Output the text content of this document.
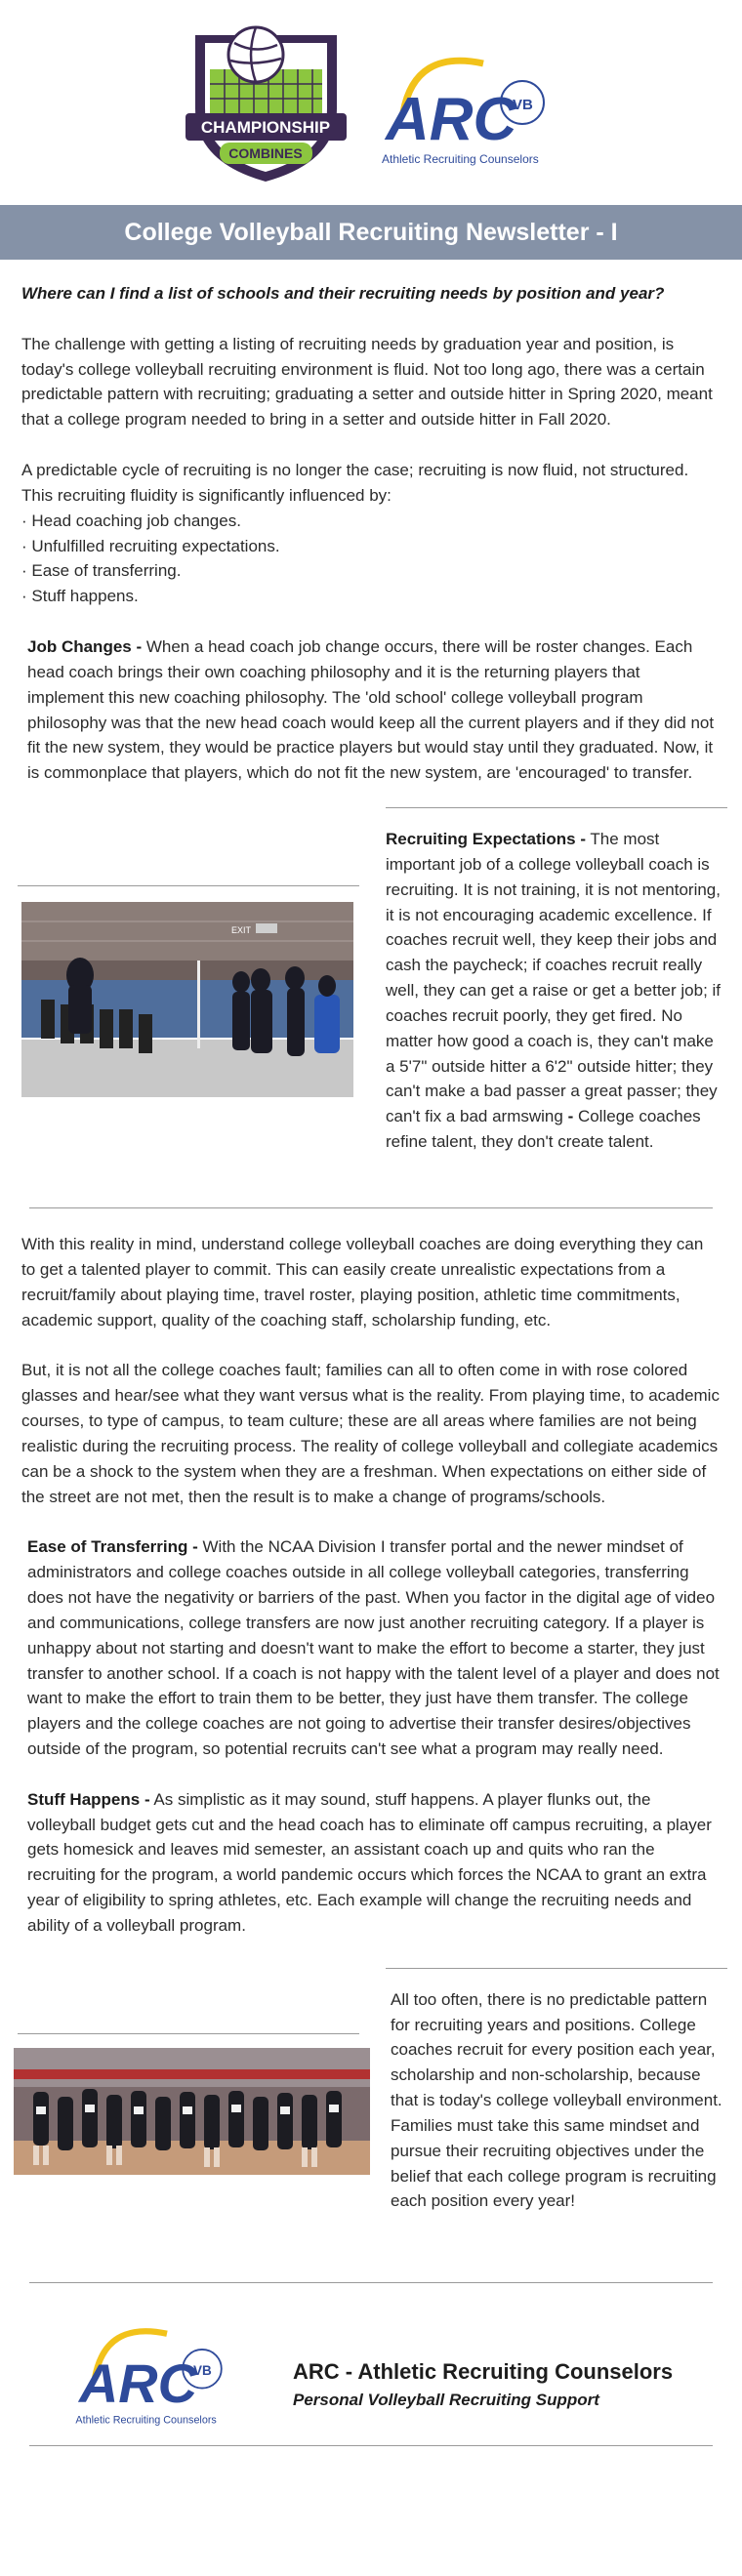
CHAMPIONSHIP
COMBINES ARC
VB
Athletic Recruiting Counselors
College Volleyball Recruiting Newsletter - I
Where can I find a list of schools and their recruiting needs by position and year?

The challenge with getting a listing of recruiting needs by graduation year and position, is today's college volleyball recruiting environment is fluid. Not too long ago, there was a certain predictable pattern with recruiting; graduating a setter and outside hitter in Spring 2020, meant that a college program needed to bring in a setter and outside hitter in Fall 2020.

A predictable cycle of recruiting is no longer the case; recruiting is now fluid, not structured. This recruiting fluidity is significantly influenced by:

· Head coaching job changes.
· Unfulfilled recruiting expectations.
· Ease of transferring.
· Stuff happens.

Job Changes - When a head coach job change occurs, there will be roster changes. Each head coach brings their own coaching philosophy and it is the returning players that implement this new coaching philosophy. The 'old school' college volleyball program philosophy was that the new head coach would keep all the current players and if they did not fit the new system, they would be practice players but would stay until they graduated. Now, it is commonplace that players, which do not fit the new system, are 'encouraged' to transfer.

EXIT
Recruiting Expectations - The most important job of a college volleyball coach is recruiting. It is not training, it is not mentoring, it is not encouraging academic excellence. If coaches recruit well, they keep their jobs and cash the paycheck; if coaches recruit really well, they can get a raise or get a better job; if coaches recruit poorly, they get fired. No matter how good a coach is, they can't make a 5'7" outside hitter a 6'2" outside hitter; they can't make a bad passer a great passer; they can't fix a bad armswing - College coaches refine talent, they don't create talent.

With this reality in mind, understand college volleyball coaches are doing everything they can to get a talented player to commit. This can easily create unrealistic expectations from a recruit/family about playing time, travel roster, playing position, athletic time commitments, academic support, quality of the coaching staff, scholarship funding, etc.

But, it is not all the college coaches fault; families can all to often come in with rose colored glasses and hear/see what they want versus what is the reality. From playing time, to academic courses, to type of campus, to team culture; these are all areas where families are not being realistic during the recruiting process. The reality of college volleyball and collegiate academics can be a shock to the system when they are a freshman. When expectations on either side of the street are not met, then the result is to make a change of programs/schools.

Ease of Transferring - With the NCAA Division I transfer portal and the newer mindset of administrators and college coaches outside in all college volleyball categories, transferring does not have the negativity or barriers of the past. When you factor in the digital age of video and communications, college transfers are now just another recruiting category. If a player is unhappy about not starting and doesn't want to make the effort to become a starter, they just transfer to another school. If a coach is not happy with the talent level of a player and does not want to make the effort to train them to be better, they just have them transfer. The college players and the college coaches are not going to advertise their transfer desires/objectives outside of the program, so potential recruits can't see what a program may really need.

Stuff Happens - As simplistic as it may sound, stuff happens. A player flunks out, the volleyball budget gets cut and the head coach has to eliminate off campus recruiting, a player gets homesick and leaves mid semester, an assistant coach up and quits who ran the recruiting for the program, a world pandemic occurs which forces the NCAA to grant an extra year of eligibility to spring athletes, etc. Each example will change the recruiting needs and ability of a volleyball program.

All too often, there is no predictable pattern for recruiting years and positions. College coaches recruit for every position each year, scholarship and non-scholarship, because that is today's college volleyball environment. Families must take this same mindset and pursue their recruiting objectives under the belief that each college program is recruiting each position every year!
ARC
VB
Athletic Recruiting Counselors
ARC - Athletic Recruiting Counselors
Personal Volleyball Recruiting Support
